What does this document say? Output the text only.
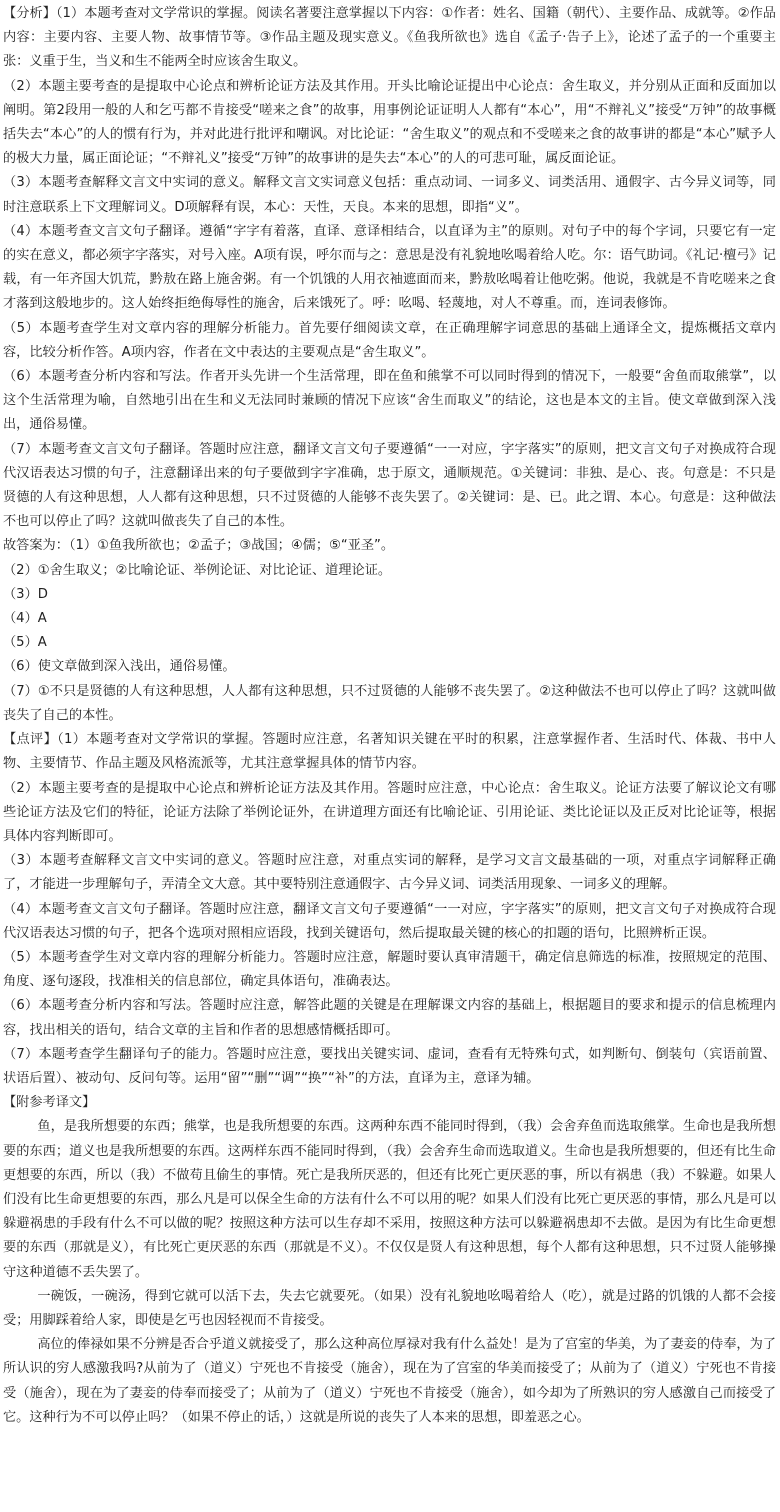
【分析】（1）本题考查对文学常识的掌握。阅读名著要注意掌握以下内容：①作者：姓名、国籍（朝代）、主要作品、成就等。②作品内容：主要内容、主要人物、故事情节等。③作品主题及现实意义。《鱼我所欲也》选自《孟子·告子上》，论述了孟子的一个重要主张：义重于生，当义和生不能两全时应该舍生取义。

（2）本题主要考查的是提取中心论点和辨析论证方法及其作用。开头比喻论证提出中心论点：舍生取义，并分别从正面和反面加以阐明。第2段用一般的人和乞丐都不肯接受“嗟来之食”的故事，用事例论证证明人人都有“本心”，用“不辩礼义”接受“万钟”的故事概括失去“本心”的人的惯有行为，并对此进行批评和嘲讽。对比论证：“舍生取义”的观点和不受嗟来之食的故事讲的都是“本心”赋予人的极大力量，属正面论证；“不辩礼义”接受“万钟”的故事讲的是失去“本心”的人的可悲可耻，属反面论证。

（3）本题考查解释文言文中实词的意义。解释文言文实词意义包括：重点动词、一词多义、词类活用、通假字、古今异义词等，同时注意联系上下文理解词义。D项解释有误，本心：天性，天良。本来的思想，即指“义”。

（4）本题考查文言文句子翻译。遵循“字字有着落，直译、意译相结合，以直译为主”的原则。对句子中的每个字词，只要它有一定的实在意义，都必须字字落实，对号入座。A项有误，呼尔而与之：意思是没有礼貌地吆喝着给人吃。尔：语气助词。《礼记·檀弓》记载，有一年齐国大饥荒，黔敖在路上施舍粥。有一个饥饿的人用衣袖遮面而来，黔敖吆喝着让他吃粥。他说，我就是不肯吃嗟来之食才落到这般地步的。这人始终拒绝侮辱性的施舍，后来饿死了。呼：吆喝、轻蔑地，对人不尊重。而，连词表修饰。

（5）本题考查学生对文章内容的理解分析能力。首先要仔细阅读文章，在正确理解字词意思的基础上通译全文，提炼概括文章内容，比较分析作答。A项内容，作者在文中表达的主要观点是“舍生取义”。

（6）本题考查分析内容和写法。作者开头先讲一个生活常理，即在鱼和熊掌不可以同时得到的情况下，一般要“舍鱼而取熊掌”，以这个生活常理为喻，自然地引出在生和义无法同时兼顾的情况下应该“舍生而取义”的结论，这也是本文的主旨。使文章做到深入浅出，通俗易懂。

（7）本题考查文言文句子翻译。答题时应注意，翻译文言文句子要遵循“一一对应，字字落实”的原则，把文言文句子对换成符合现代汉语表达习惯的句子，注意翻译出来的句子要做到字字准确，忠于原文，通顺规范。①关键词：非独、是心、丧。句意是：不只是贤德的人有这种思想，人人都有这种思想，只不过贤德的人能够不丧失罢了。②关键词：是、已。此之谓、本心。句意是：这种做法不也可以停止了吗？这就叫做丧失了自己的本性。

故答案为：（1）①鱼我所欲也；②孟子；③战国；④儒；⑤“亚圣”。

（2）①舍生取义；②比喻论证、举例论证、对比论证、道理论证。

（3）D

（4）A

（5）A

（6）使文章做到深入浅出，通俗易懂。

（7）①不只是贤德的人有这种思想，人人都有这种思想，只不过贤德的人能够不丧失罢了。②这种做法不也可以停止了吗？这就叫做丧失了自己的本性。

【点评】（1）本题考查对文学常识的掌握。答题时应注意，名著知识关键在平时的积累，注意掌握作者、生活时代、体裁、书中人物、主要情节、作品主题及风格流派等，尤其注意掌握具体的情节内容。

（2）本题主要考查的是提取中心论点和辨析论证方法及其作用。答题时应注意，中心论点：舍生取义。论证方法要了解议论文有哪些论证方法及它们的特征，论证方法除了举例论证外，在讲道理方面还有比喻论证、引用论证、类比论证以及正反对比论证等，根据具体内容判断即可。

（3）本题考查解释文言文中实词的意义。答题时应注意，对重点实词的解释，是学习文言文最基础的一项，对重点字词解释正确了，才能进一步理解句子，弄清全文大意。其中要特别注意通假字、古今异义词、词类活用现象、一词多义的理解。

（4）本题考查文言文句子翻译。答题时应注意，翻译文言文句子要遵循“一一对应，字字落实”的原则，把文言文句子对换成符合现代汉语表达习惯的句子，把各个选项对照相应语段，找到关键语句，然后提取最关键的核心的扣题的语句，比照辨析正误。

（5）本题考查学生对文章内容的理解分析能力。答题时应注意，解题时要认真审清题干，确定信息筛选的标准，按照规定的范围、角度、逐句逐段，找准相关的信息部位，确定具体语句，准确表达。

（6）本题考查分析内容和写法。答题时应注意，解答此题的关键是在理解课文内容的基础上，根据题目的要求和提示的信息梳理内容，找出相关的语句，结合文章的主旨和作者的思想感情概括即可。

（7）本题考查学生翻译句子的能力。答题时应注意，要找出关键实词、虚词，查看有无特殊句式，如判断句、倒装句（宾语前置、状语后置）、被动句、反问句等。运用“留”“删”“调”“换”“补”的方法，直译为主，意译为辅。

【附参考译文】

鱼，是我所想要的东西；熊掌，也是我所想要的东西。这两种东西不能同时得到，（我）会舍弃鱼而选取熊掌。生命也是我所想要的东西；道义也是我所想要的东西。这两样东西不能同时得到，（我）会舍弃生命而选取道义。生命也是我所想要的，但还有比生命更想要的东西，所以（我）不做苟且偷生的事情。死亡是我所厌恶的，但还有比死亡更厌恶的事，所以有祸患（我）不躲避。如果人们没有比生命更想要的东西，那么凡是可以保全生命的方法有什么不可以用的呢？如果人们没有比死亡更厌恶的事情，那么凡是可以躲避祸患的手段有什么不可以做的呢？按照这种方法可以生存却不采用，按照这种方法可以躲避祸患却不去做。是因为有比生命更想要的东西（那就是义），有比死亡更厌恶的东西（那就是不义）。不仅仅是贤人有这种思想，每个人都有这种思想，只不过贤人能够操守这种道德不丢失罢了。

一碗饭，一碗汤，得到它就可以活下去，失去它就要死。（如果）没有礼貌地吆喝着给人（吃），就是过路的饥饿的人都不会接受；用脚踩着给人家，即使是乞丐也因轻视而不肯接受。

高位的俸禄如果不分辨是否合乎道义就接受了，那么这种高位厚禄对我有什么益处！是为了宫室的华美，为了妻妾的侍奉，为了所认识的穷人感激我吗?从前为了（道义）宁死也不肯接受（施舍），现在为了宫室的华美而接受了；从前为了（道义）宁死也不肯接受（施舍），现在为了妻妾的侍奉而接受了；从前为了（道义）宁死也不肯接受（施舍），如今却为了所熟识的穷人感激自己而接受了它。这种行为不可以停止吗？（如果不停止的话，）这就是所说的丧失了人本来的思想，即羞恶之心。
